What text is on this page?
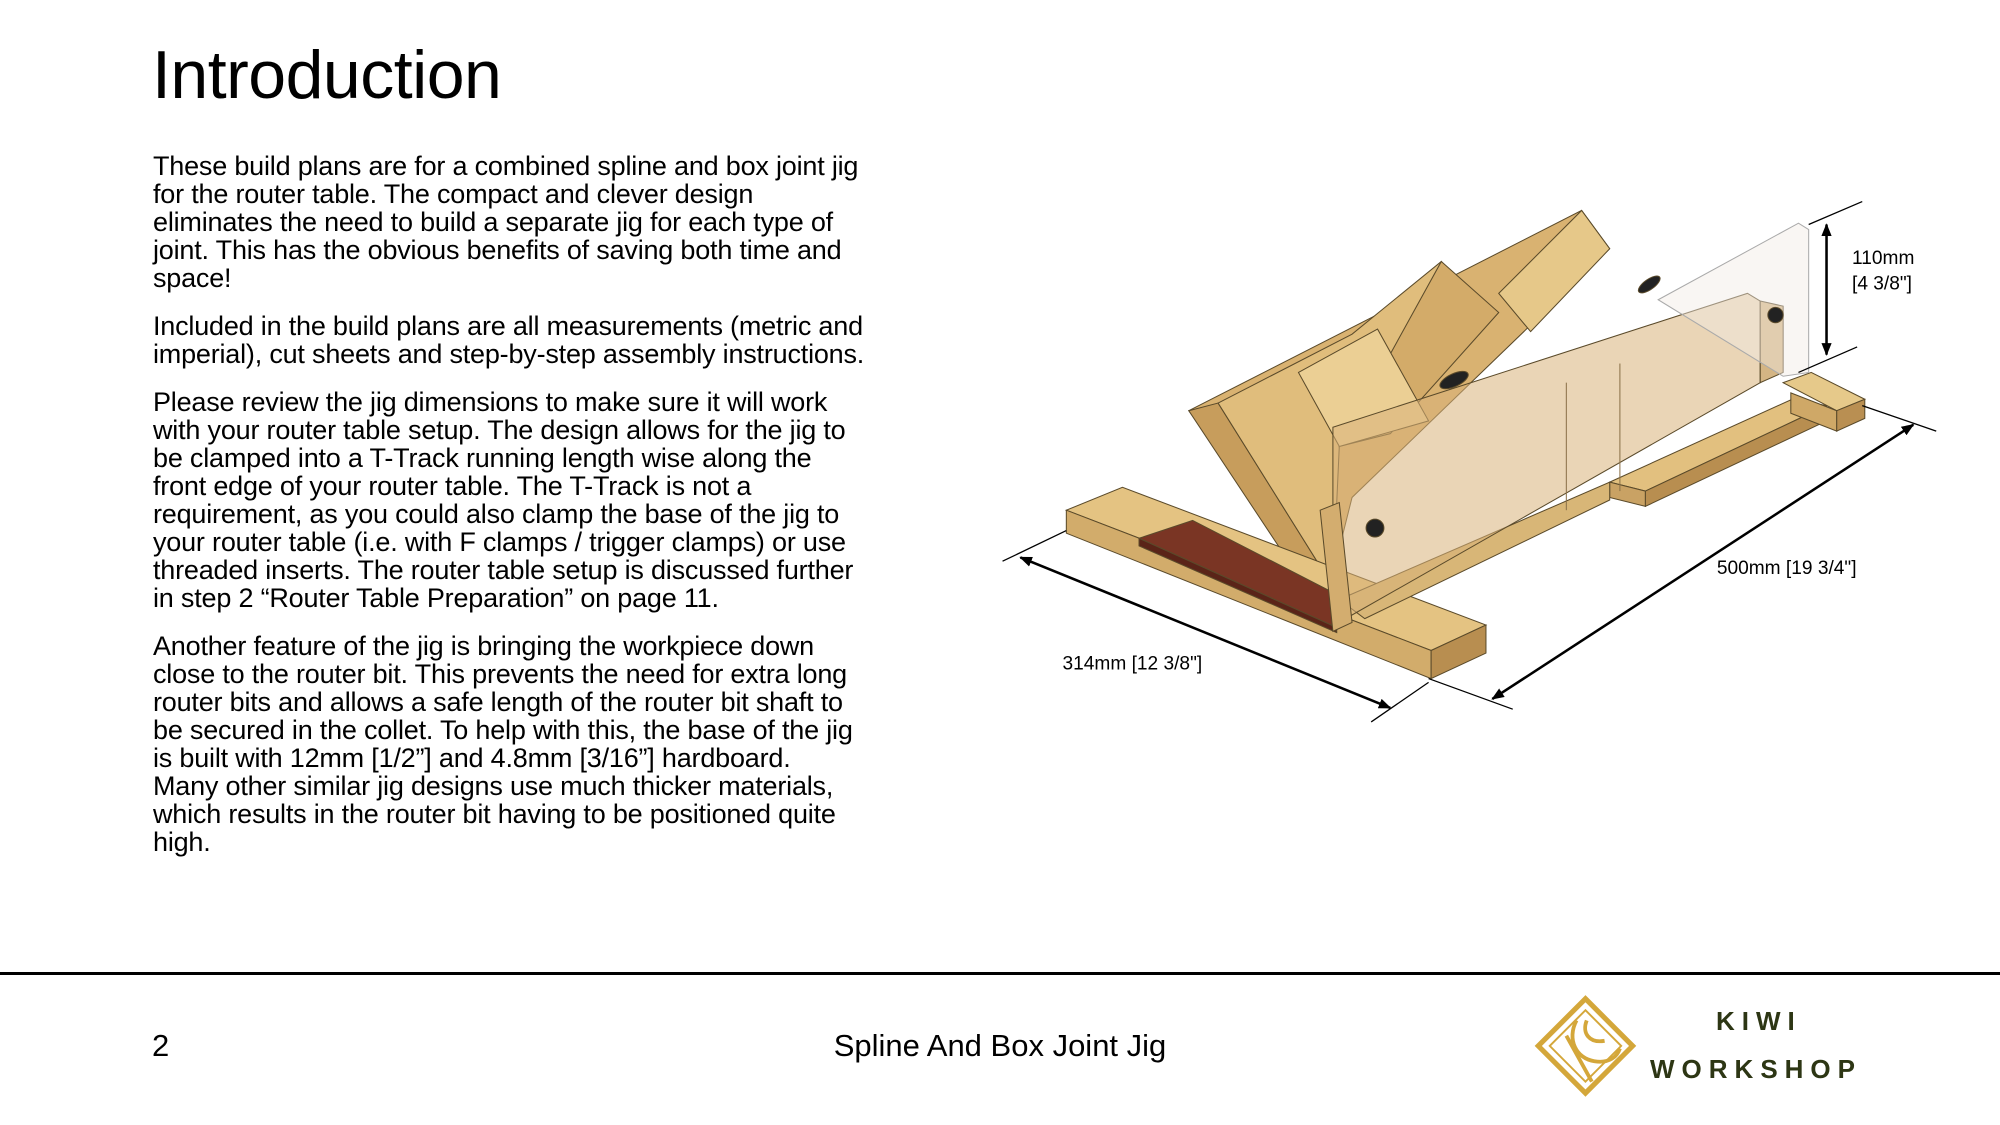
Introduction

These build plans are for a combined spline and box joint jig
for the router table. The compact and clever design
eliminates the need to build a separate jig for each type of
joint. This has the obvious benefits of saving both time and
space!

Included in the build plans are all measurements (metric and
imperial), cut sheets and step-by-step assembly instructions.

Please review the jig dimensions to make sure it will work
with your router table setup. The design allows for the jig to
be clamped into a T-Track running length wise along the
front edge of your router table. The T-Track is not a
requirement, as you could also clamp the base of the jig to
your router table (i.e. with F clamps / trigger clamps) or use
threaded inserts. The router table setup is discussed further
in step 2 “Router Table Preparation” on page 11.

Another feature of the jig is bringing the workpiece down
close to the router bit. This prevents the need for extra long
router bits and allows a safe length of the router bit shaft to
be secured in the collet. To help with this, the base of the jig
is built with 12mm [1/2”] and 4.8mm [3/16”] hardboard.
Many other similar jig designs use much thicker materials,
which results in the router bit having to be positioned quite
high.

110mm
[4 3/8"]
500mm [19 3/4"]
314mm [12 3/8"]
2	Spline And Box Joint Jig
KIWI
WORKSHOP
